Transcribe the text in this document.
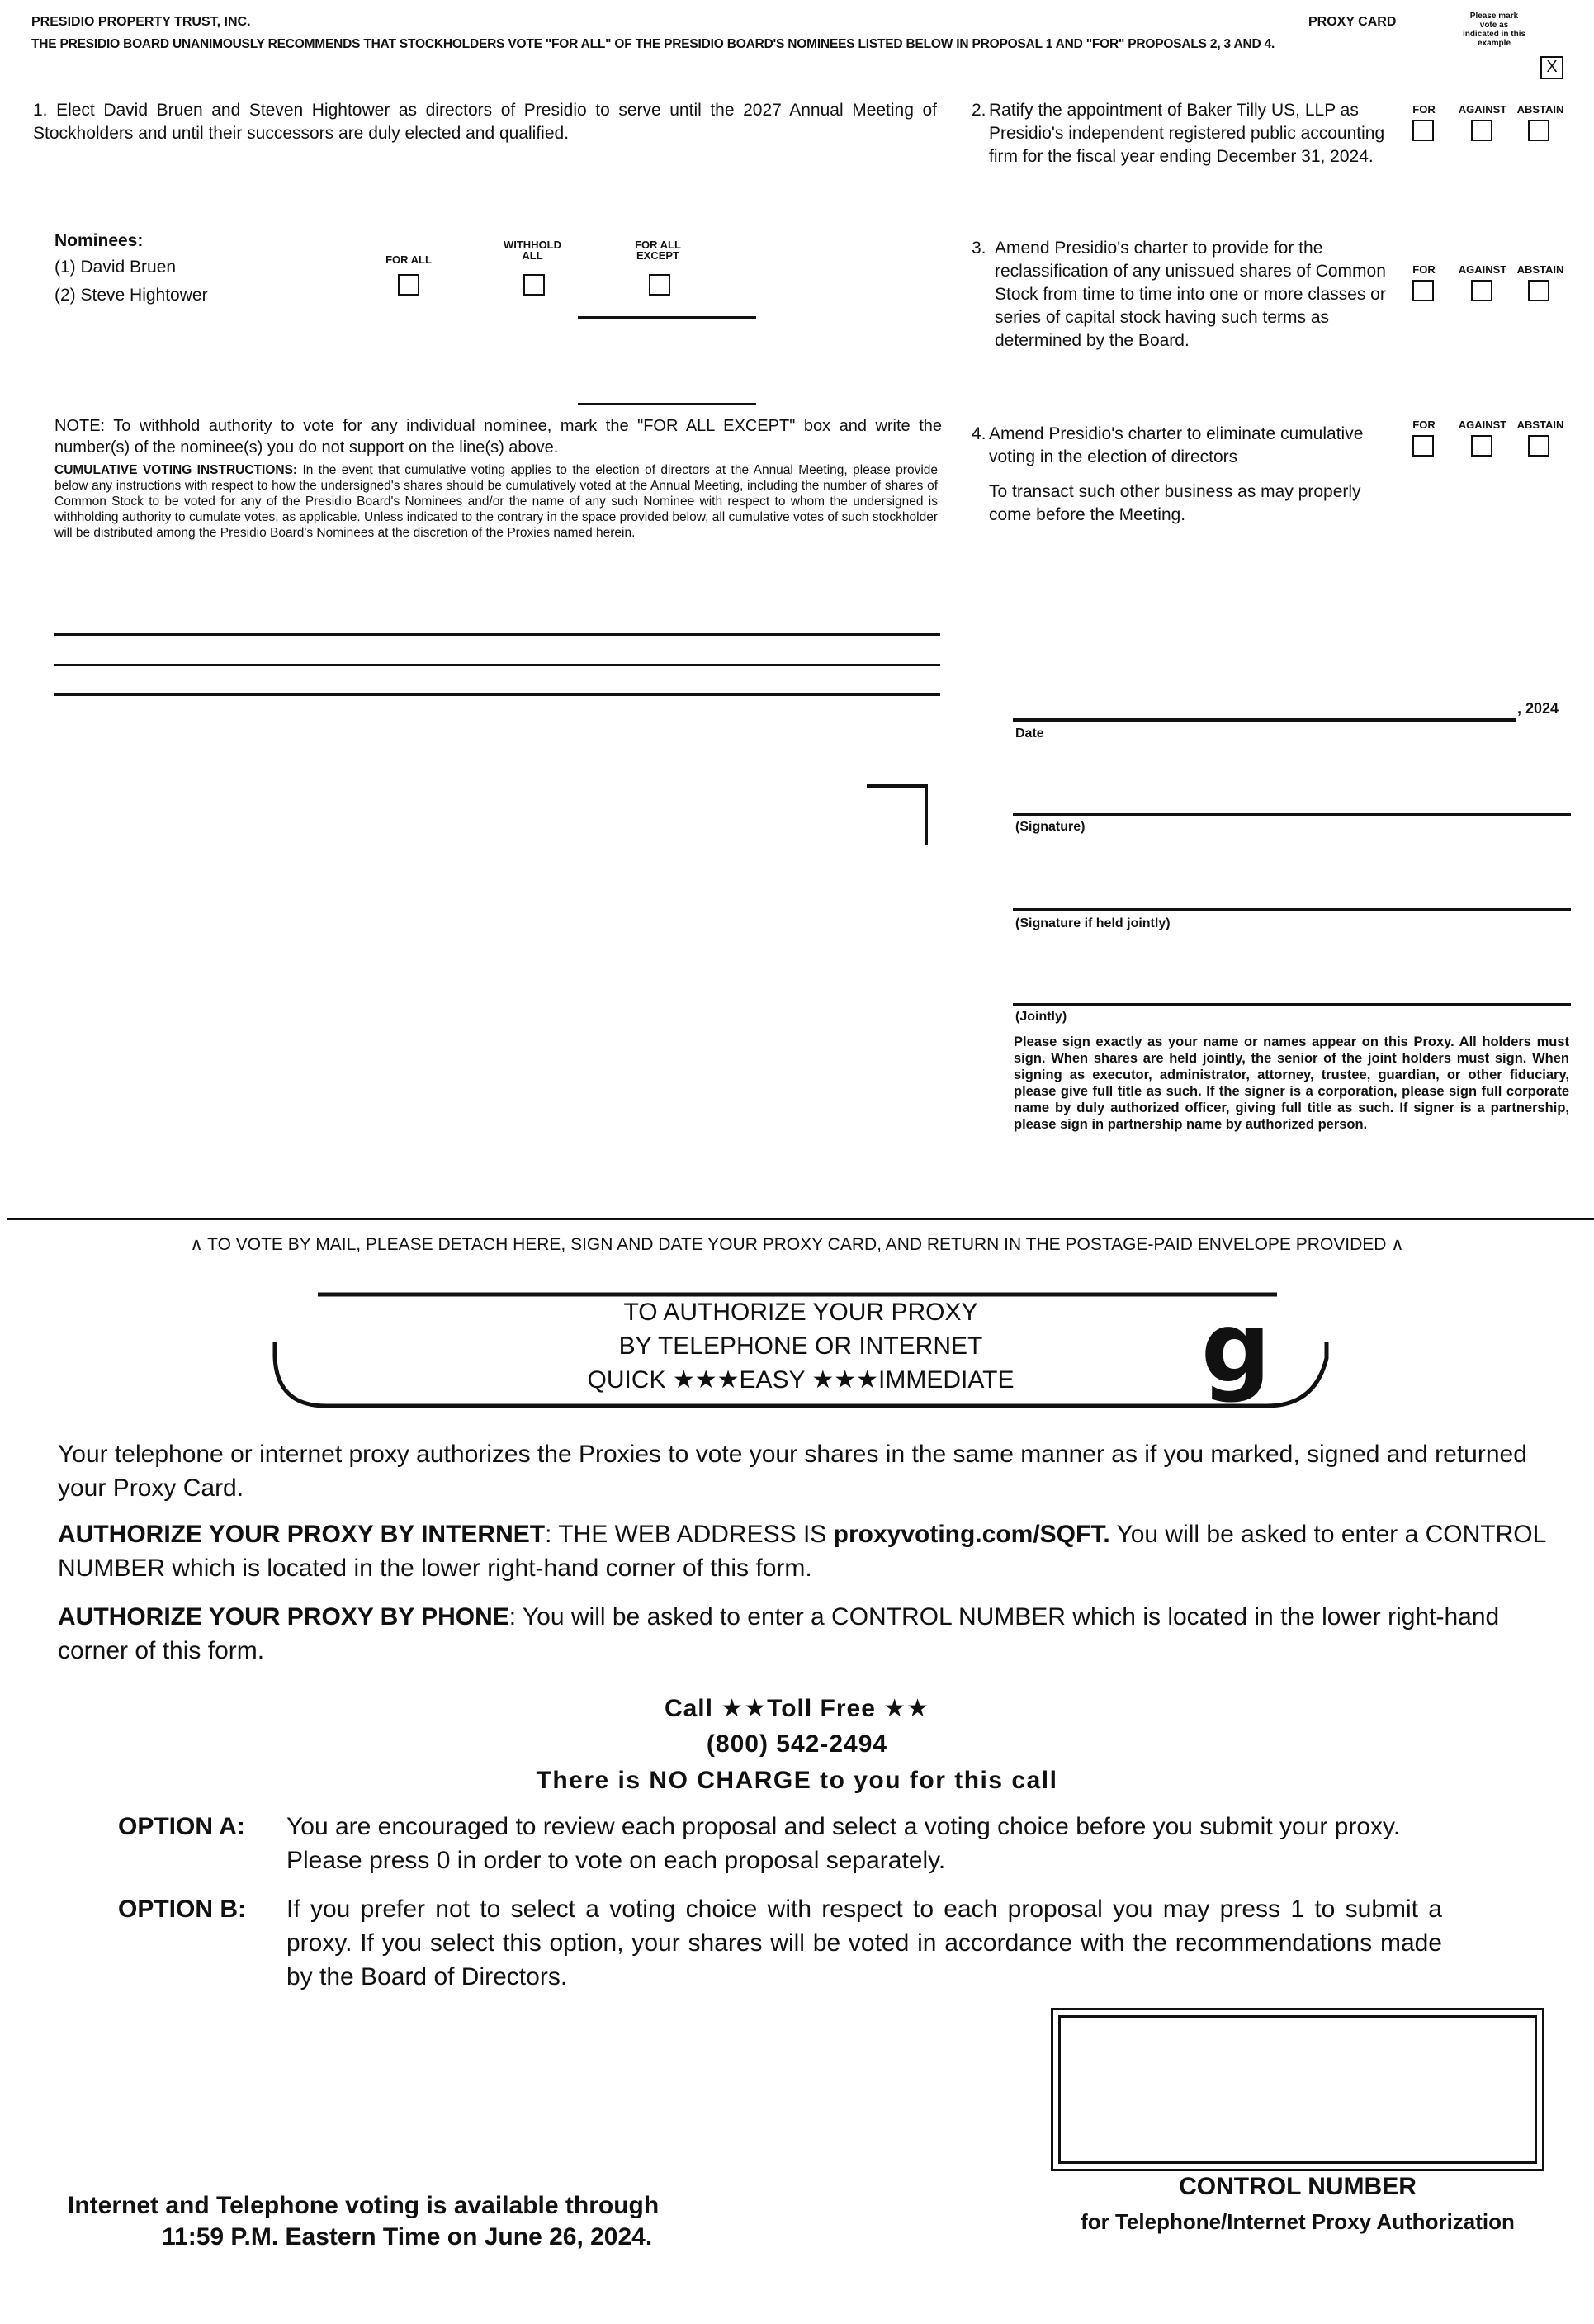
PRESIDIO PROPERTY TRUST, INC.	PROXY CARD	Please mark vote as indicated in this example
THE PRESIDIO BOARD UNANIMOUSLY RECOMMENDS THAT STOCKHOLDERS VOTE "FOR ALL" OF THE PRESIDIO BOARD'S NOMINEES LISTED BELOW IN PROPOSAL 1 AND "FOR" PROPOSALS 2, 3 AND 4.
X
1. Elect David Bruen and Steven Hightower as directors of Presidio to serve until the 2027 Annual Meeting of Stockholders and until their successors are duly elected and qualified.
Nominees:
(1) David Bruen
(2) Steve Hightower
FOR ALL
WITHHOLD ALL
FOR ALL EXCEPT
NOTE: To withhold authority to vote for any individual nominee, mark the "FOR ALL EXCEPT" box and write the number(s) of the nominee(s) you do not support on the line(s) above.
CUMULATIVE VOTING INSTRUCTIONS: In the event that cumulative voting applies to the election of directors at the Annual Meeting, please provide below any instructions with respect to how the undersigned's shares should be cumulatively voted at the Annual Meeting, including the number of shares of Common Stock to be voted for any of the Presidio Board's Nominees and/or the name of any such Nominee with respect to whom the undersigned is withholding authority to cumulate votes, as applicable. Unless indicated to the contrary in the space provided below, all cumulative votes of such stockholder will be distributed among the Presidio Board's Nominees at the discretion of the Proxies named herein.
2. Ratify the appointment of Baker Tilly US, LLP as Presidio's independent registered public accounting firm for the fiscal year ending December 31, 2024.
3. Amend Presidio's charter to provide for the reclassification of any unissued shares of Common Stock from time to time into one or more classes or series of capital stock having such terms as determined by the Board.
4. Amend Presidio's charter to eliminate cumulative voting in the election of directors
To transact such other business as may properly come before the Meeting.
FOR	AGAINST ABSTAIN
FOR	AGAINST ABSTAIN
FOR	AGAINST ABSTAIN
, 2024
Date
(Signature)
(Signature if held jointly)
(Jointly)
Please sign exactly as your name or names appear on this Proxy. All holders must sign. When shares are held jointly, the senior of the joint holders must sign. When signing as executor, administrator, attorney, trustee, guardian, or other fiduciary, please give full title as such. If the signer is a corporation, please sign full corporate name by duly authorized officer, giving full title as such. If signer is a partnership, please sign in partnership name by authorized person.
∧ TO VOTE BY MAIL, PLEASE DETACH HERE, SIGN AND DATE YOUR PROXY CARD, AND RETURN IN THE POSTAGE-PAID ENVELOPE PROVIDED ∧
TO AUTHORIZE YOUR PROXY
BY TELEPHONE OR INTERNET
QUICK ★★★EASY ★★★IMMEDIATE	g
Your telephone or internet proxy authorizes the Proxies to vote your shares in the same manner as if you marked, signed and returned your Proxy Card.
AUTHORIZE YOUR PROXY BY INTERNET: THE WEB ADDRESS IS proxyvoting.com/SQFT. You will be asked to enter a CONTROL NUMBER which is located in the lower right-hand corner of this form.
AUTHORIZE YOUR PROXY BY PHONE: You will be asked to enter a CONTROL NUMBER which is located in the lower right-hand corner of this form.
Call ★★Toll Free ★★
(800) 542-2494
There is NO CHARGE to you for this call
OPTION A: You are encouraged to review each proposal and select a voting choice before you submit your proxy. Please press 0 in order to vote on each proposal separately.
OPTION B: If you prefer not to select a voting choice with respect to each proposal you may press 1 to submit a proxy. If you select this option, your shares will be voted in accordance with the recommendations made by the Board of Directors.
Internet and Telephone voting is available through
11:59 P.M. Eastern Time on June 26, 2024.
CONTROL NUMBER
for Telephone/Internet Proxy Authorization
